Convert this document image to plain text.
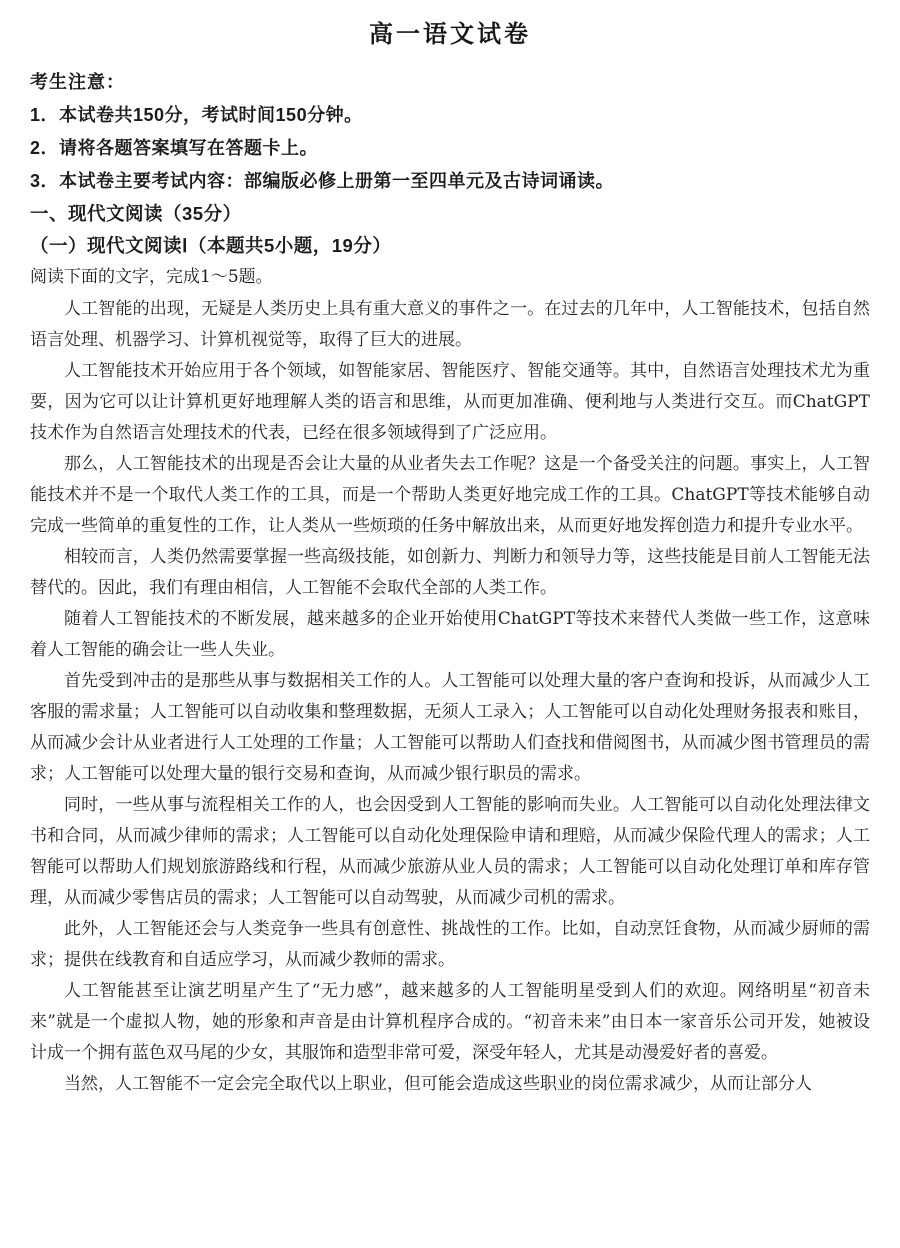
高一语文试卷
考生注意：
1．本试卷共150分，考试时间150分钟。
2．请将各题答案填写在答题卡上。
3．本试卷主要考试内容：部编版必修上册第一至四单元及古诗词诵读。
一、现代文阅读（35分）
（一）现代文阅读Ⅰ（本题共5小题，19分）
阅读下面的文字，完成1～5题。

人工智能的出现，无疑是人类历史上具有重大意义的事件之一。在过去的几年中，人工智能技术，包括自然语言处理、机器学习、计算机视觉等，取得了巨大的进展。

人工智能技术开始应用于各个领域，如智能家居、智能医疗、智能交通等。其中，自然语言处理技术尤为重要，因为它可以让计算机更好地理解人类的语言和思维，从而更加准确、便利地与人类进行交互。而ChatGPT技术作为自然语言处理技术的代表，已经在很多领域得到了广泛应用。

那么，人工智能技术的出现是否会让大量的从业者失去工作呢？这是一个备受关注的问题。事实上，人工智能技术并不是一个取代人类工作的工具，而是一个帮助人类更好地完成工作的工具。ChatGPT等技术能够自动完成一些简单的重复性的工作，让人类从一些烦琐的任务中解放出来，从而更好地发挥创造力和提升专业水平。

相较而言，人类仍然需要掌握一些高级技能，如创新力、判断力和领导力等，这些技能是目前人工智能无法替代的。因此，我们有理由相信，人工智能不会取代全部的人类工作。

随着人工智能技术的不断发展，越来越多的企业开始使用ChatGPT等技术来替代人类做一些工作，这意味着人工智能的确会让一些人失业。

首先受到冲击的是那些从事与数据相关工作的人。人工智能可以处理大量的客户查询和投诉，从而减少人工客服的需求量；人工智能可以自动收集和整理数据，无须人工录入；人工智能可以自动化处理财务报表和账目，从而减少会计从业者进行人工处理的工作量；人工智能可以帮助人们查找和借阅图书，从而减少图书管理员的需求；人工智能可以处理大量的银行交易和查询，从而减少银行职员的需求。

同时，一些从事与流程相关工作的人，也会因受到人工智能的影响而失业。人工智能可以自动化处理法律文书和合同，从而减少律师的需求；人工智能可以自动化处理保险申请和理赔，从而减少保险代理人的需求；人工智能可以帮助人们规划旅游路线和行程，从而减少旅游从业人员的需求；人工智能可以自动化处理订单和库存管理，从而减少零售店员的需求；人工智能可以自动驾驶，从而减少司机的需求。

此外，人工智能还会与人类竞争一些具有创意性、挑战性的工作。比如，自动烹饪食物，从而减少厨师的需求；提供在线教育和自适应学习，从而减少教师的需求。

人工智能甚至让演艺明星产生了“无力感”，越来越多的人工智能明星受到人们的欢迎。网络明星“初音未来”就是一个虚拟人物，她的形象和声音是由计算机程序合成的。“初音未来”由日本一家音乐公司开发，她被设计成一个拥有蓝色双马尾的少女，其服饰和造型非常可爱，深受年轻人，尤其是动漫爱好者的喜爱。

当然，人工智能不一定会完全取代以上职业，但可能会造成这些职业的岗位需求减少，从而让部分人
